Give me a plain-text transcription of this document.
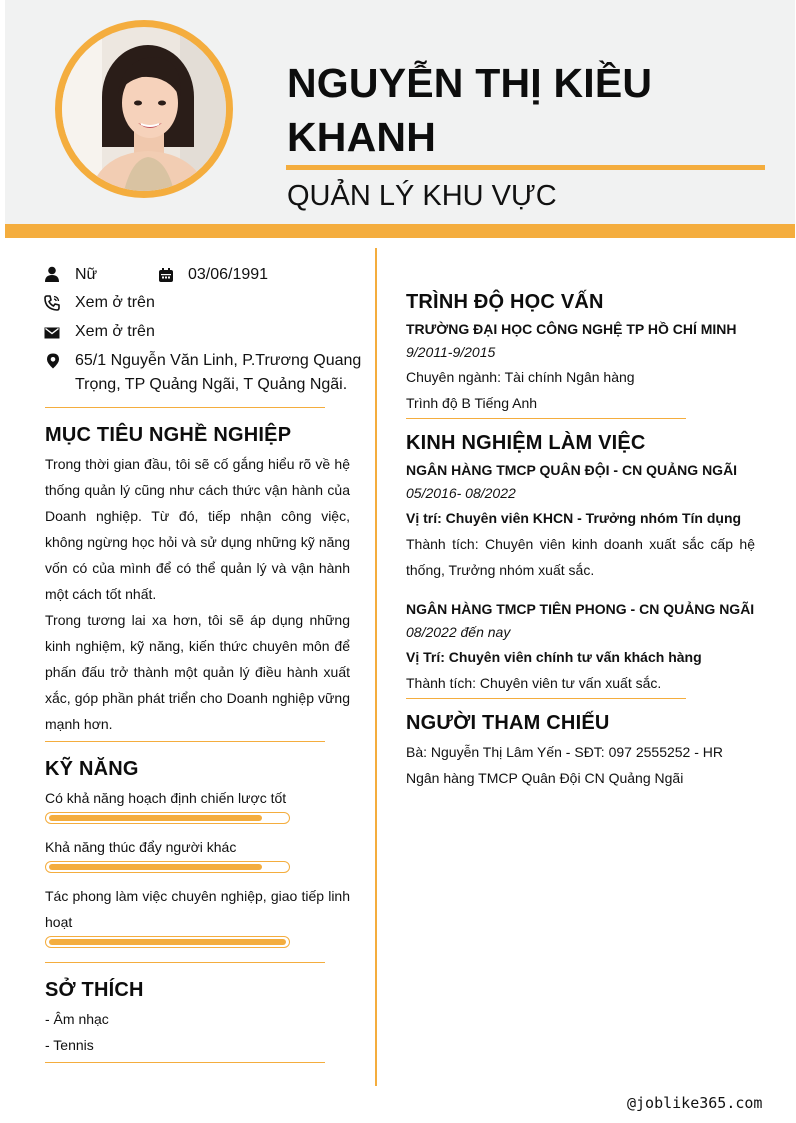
NGUYỄN THỊ KIỀU KHANH
QUẢN LÝ KHU VỰC
Nữ	03/06/1991
Xem ở trên
Xem ở trên
65/1 Nguyễn Văn Linh, P.Trương Quang
Trọng, TP Quảng Ngãi, T Quảng Ngãi.
MỤC TIÊU NGHỀ NGHIỆP
Trong thời gian đầu, tôi sẽ cố gắng hiểu rõ về hệ thống quản lý cũng như cách thức vận hành của Doanh nghiệp. Từ đó, tiếp nhận công việc, không ngừng học hỏi và sử dụng những kỹ năng vốn có của mình để có thể quản lý và vận hành một cách tốt nhất.
Trong tương lai xa hơn, tôi sẽ áp dụng những kinh nghiệm, kỹ năng, kiến thức chuyên môn để phấn đấu trở thành một quản lý điều hành xuất xắc, góp phần phát triển cho Doanh nghiệp vững mạnh hơn.
KỸ NĂNG
Có khả năng hoạch định chiến lược tốt
Khả năng thúc đẩy người khác
Tác phong làm việc chuyên nghiệp, giao tiếp linh hoạt
SỞ THÍCH
- Âm nhạc
- Tennis
TRÌNH ĐỘ HỌC VẤN
TRƯỜNG ĐẠI HỌC CÔNG NGHỆ TP HỒ CHÍ MINH
9/2011-9/2015
Chuyên ngành: Tài chính Ngân hàng
Trình độ B Tiếng Anh
KINH NGHIỆM LÀM VIỆC
NGÂN HÀNG TMCP QUÂN ĐỘI - CN QUẢNG NGÃI
05/2016- 08/2022
Vị trí: Chuyên viên KHCN - Trưởng nhóm Tín dụng
Thành tích: Chuyên viên kinh doanh xuất sắc cấp hệ thống, Trưởng nhóm xuất sắc.
NGÂN HÀNG TMCP TIÊN PHONG - CN QUẢNG NGÃI
08/2022 đến nay
Vị Trí: Chuyên viên chính tư vấn khách hàng
Thành tích: Chuyên viên tư vấn xuất sắc.
NGƯỜI THAM CHIẾU
Bà: Nguyễn Thị Lâm Yến - SĐT: 097 2555252 - HR Ngân hàng TMCP Quân Đội CN Quảng Ngãi
@joblike365.com
